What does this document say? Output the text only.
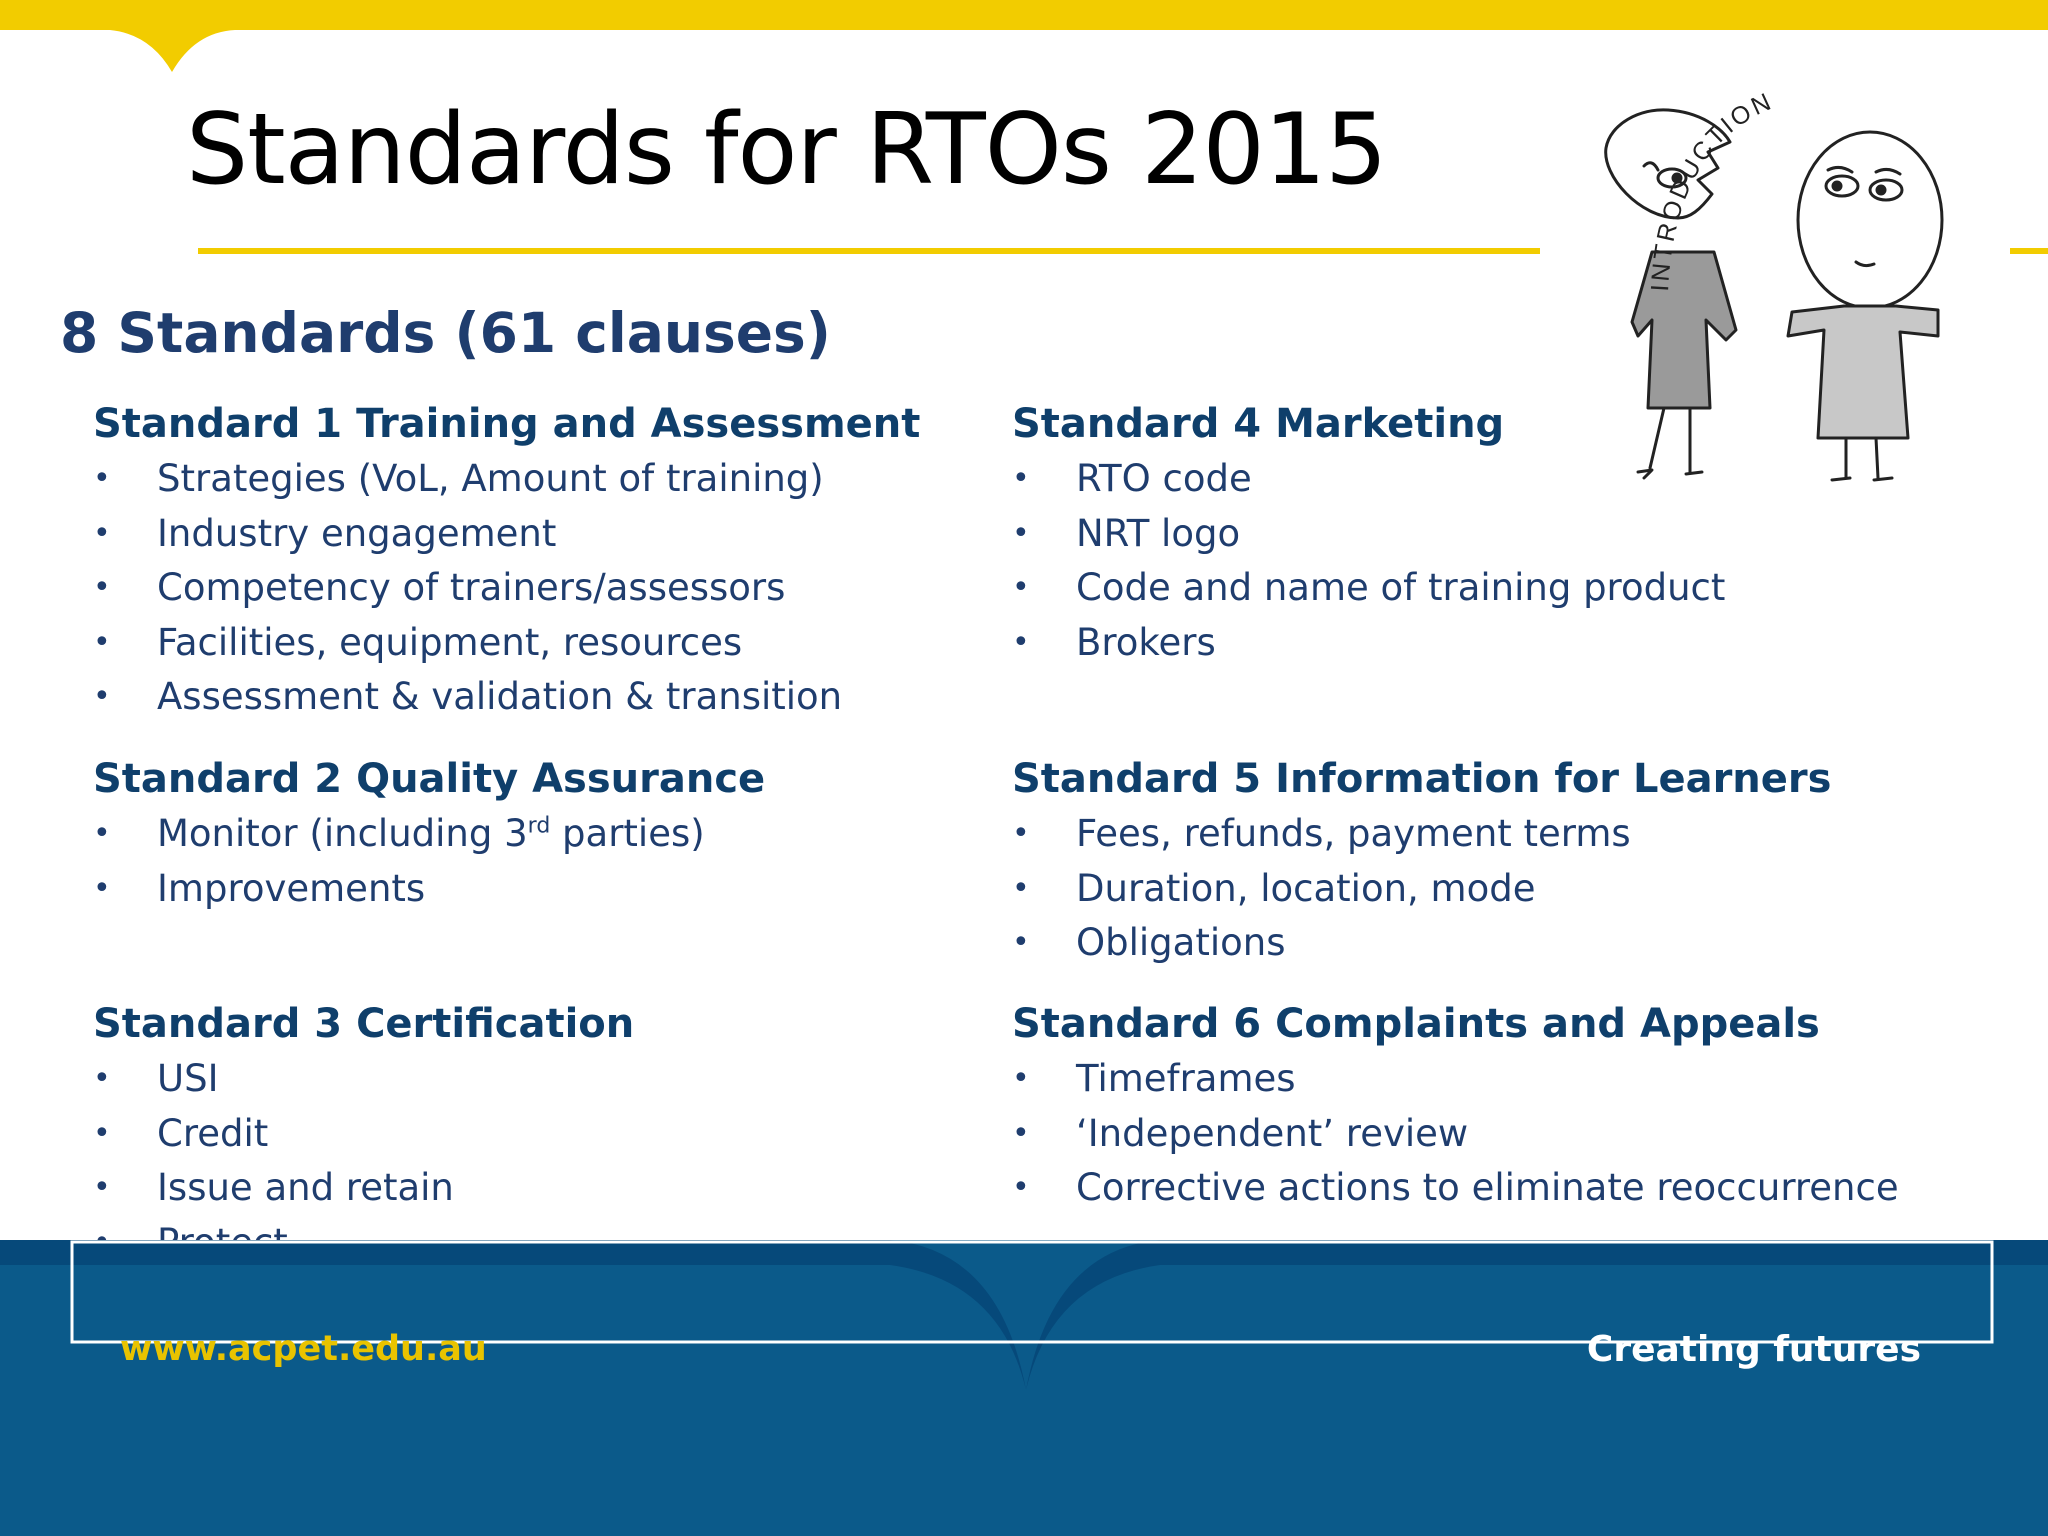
Standards for RTOs 2015
8 Standards (61 clauses)
Standard 1 Training and Assessment
• Strategies (VoL, Amount of training)
• Industry engagement
• Competency of trainers/assessors
• Facilities, equipment, resources
• Assessment & validation & transition
Standard 2 Quality Assurance
• Monitor (including 3rd parties)
• Improvements
Standard 3 Certification
• USI
• Credit
• Issue and retain
Standard 4 Marketing
• RTO code
• NRT logo
• Code and name of training product
• Brokers
Standard 5 Information for Learners
• Fees, refunds, payment terms
• Duration, location, mode
• Obligations
Standard 6 Complaints and Appeals
• Timeframes
• ‘Independent’ review
• Corrective actions to eliminate reoccurrence
INTRODUCTION
www.acpet.edu.au	Creating futures
